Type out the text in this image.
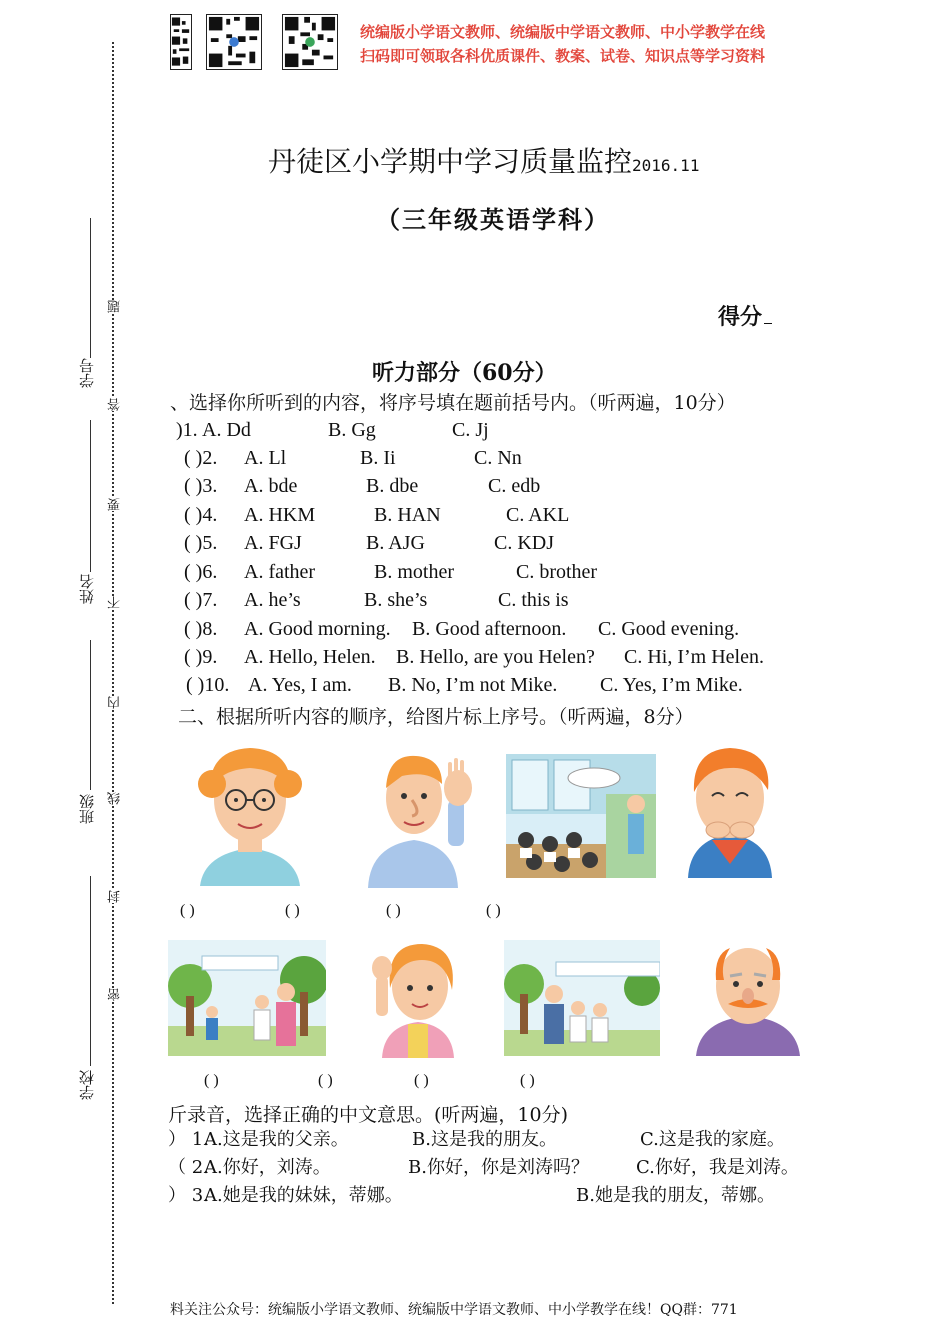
统编版小学语文教师、统编版中学语文教师、中小学教学在线
扫码即可领取各科优质课件、教案、试卷、知识点等学习资料
学号
姓名
班级
学校
题
答
要
不
内
线
封
密
丹徒区小学期中学习质量监控2016.11
（三年级英语学科）
得分
听力部分（60分）
、选择你所听到的内容，将序号填在题前括号内。（听两遍，10分）
)1. A. Dd	B. Gg	C. Jj
( )2. A. Ll	B. Ii	C. Nn
( )3. A. bde	B. dbe	C. edb
( )4. A. HKM	B. HAN	C. AKL
( )5. A. FGJ	B. AJG	C. KDJ
( )6. A. father	B. mother	C. brother
( )7. A. he’s	B. she’s	C. this is
( )8. A. Good morning. B. Good afternoon. C. Good evening.
( )9. A. Hello, Helen. B. Hello, are you Helen? C. Hi, I’m Helen.
( )10. A. Yes, I am. B. No, I’m not Mike. C. Yes, I’m Mike.
二、根据所听内容的顺序，给图片标上序号。（听两遍，8分）
( )	( )	( )	( )
( )	( )	( )	( )
斤录音，选择正确的中文意思。(听两遍，10分)
） 1.
A.这是我的父亲。	B.这是我的朋友。	C.这是我的家庭。
（ 2.
A.你好，刘涛。	B.你好，你是刘涛吗？	C.你好，我是刘涛。
） 3.
A.她是我的妹妹，蒂娜。	B.她是我的朋友，蒂娜。
料关注公众号：统编版小学语文教师、统编版中学语文教师、中小学教学在线！QQ群：771
